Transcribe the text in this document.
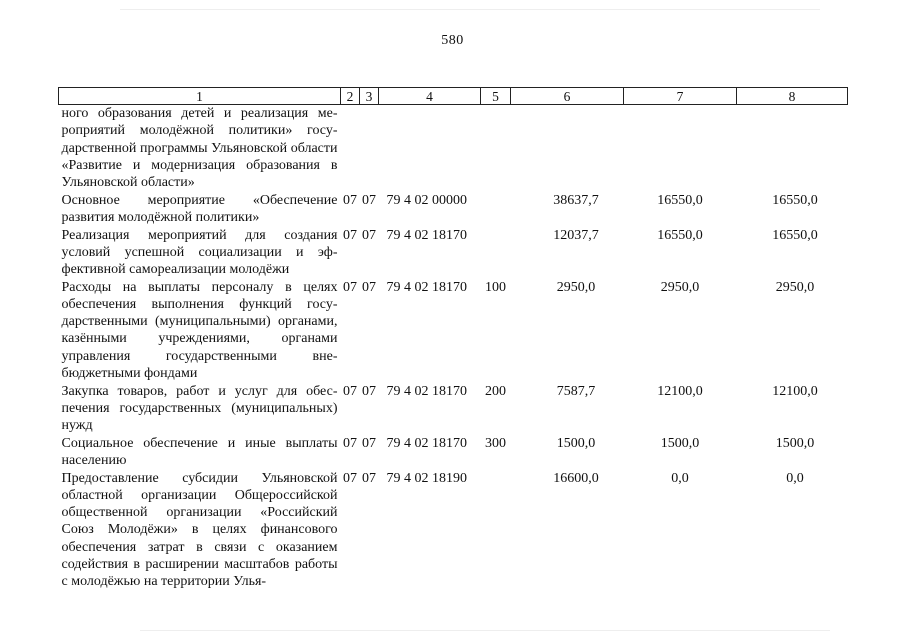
580
1	2	3	4	5	6	7	8
ного образования детей и реализация мероприятий молодёжной политики» государственной программы Ульяновской области «Развитие и модернизация образования в Ульяновской области»							
Основное мероприятие «Обеспечение развития молодёжной политики»	07	07	79 4 02 00000		38637,7	16550,0	16550,0
Реализация мероприятий для создания условий успешной социализации и эффективной самореализации молодёжи	07	07	79 4 02 18170		12037,7	16550,0	16550,0
Расходы на выплаты персоналу в целях обеспечения выполнения функций государственными (муниципальными) органами, казёнными учреждениями, органами управления государственными внебюджетными фондами	07	07	79 4 02 18170	100	2950,0	2950,0	2950,0
Закупка товаров, работ и услуг для обеспечения государственных (муниципальных) нужд	07	07	79 4 02 18170	200	7587,7	12100,0	12100,0
Социальное обеспечение и иные выплаты населению	07	07	79 4 02 18170	300	1500,0	1500,0	1500,0
Предоставление субсидии Ульяновской областной организации Общероссийской общественной организации «Российский Союз Молодёжи» в целях финансового обеспечения затрат в связи с оказанием содействия в расширении масштабов работы с молодёжью на территории Улья-	07	07	79 4 02 18190		16600,0	0,0	0,0
